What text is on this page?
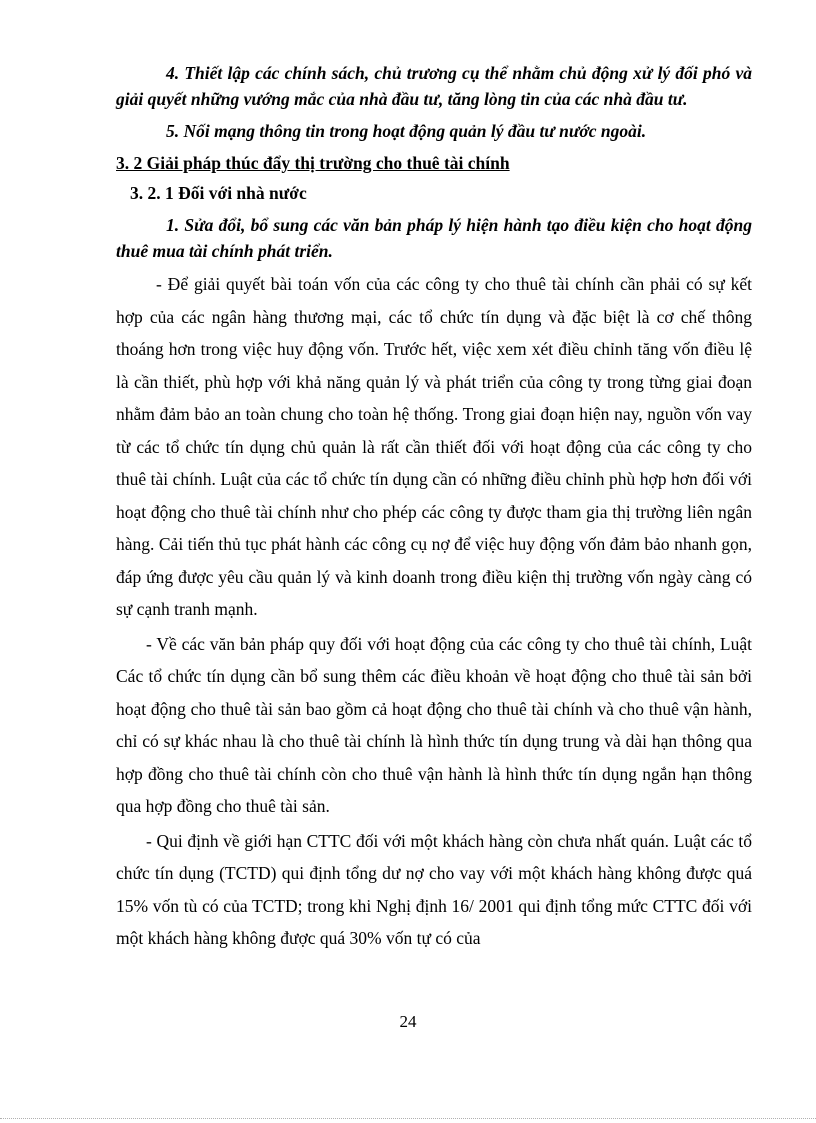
4. Thiết lập các chính sách, chủ trương cụ thể nhằm chủ động xử lý đối phó và giải quyết những vướng mắc của nhà đầu tư, tăng lòng tin của các nhà đầu tư.
5. Nối mạng thông tin trong hoạt động quản lý đầu tư nước ngoài.
3. 2 Giải pháp thúc đẩy thị trường cho thuê tài chính
3. 2. 1 Đối với nhà nước
1. Sửa đổi, bổ sung các văn bản pháp lý hiện hành tạo điều kiện cho hoạt động thuê mua tài chính phát triển.
- Để giải quyết bài toán vốn của các công ty cho thuê tài chính cần phải có sự kết hợp của các ngân hàng thương mại, các tổ chức tín dụng và đặc biệt là cơ chế thông thoáng hơn trong việc huy động vốn. Trước hết, việc xem xét điều chỉnh tăng vốn điều lệ là cần thiết, phù hợp với khả năng quản lý và phát triển của công ty trong từng giai đoạn nhằm đảm bảo an toàn chung cho toàn hệ thống. Trong giai đoạn hiện nay, nguồn vốn vay từ các tổ chức tín dụng chủ quản là rất cần thiết đối với hoạt động của các công ty cho thuê tài chính. Luật của các tổ chức tín dụng cần có những điều chỉnh phù hợp hơn đối với hoạt động cho thuê tài chính như cho phép các công ty được tham gia thị trường liên ngân hàng. Cải tiến thủ tục phát hành các công cụ nợ để việc huy động vốn đảm bảo nhanh gọn, đáp ứng được yêu cầu quản lý và kinh doanh trong điều kiện thị trường vốn ngày càng có sự cạnh tranh mạnh.
- Về các văn bản pháp quy đối với hoạt động của các công ty cho thuê tài chính, Luật Các tổ chức tín dụng cần bổ sung thêm các điều khoản về hoạt động cho thuê tài sản bởi hoạt động cho thuê tài sản bao gồm cả hoạt động cho thuê tài chính và cho thuê vận hành, chỉ có sự khác nhau là cho thuê tài chính là hình thức tín dụng trung và dài hạn thông qua hợp đồng cho thuê tài chính còn cho thuê vận hành là hình thức tín dụng ngắn hạn thông qua hợp đồng cho thuê tài sản.
- Qui định về giới hạn CTTC đối với một khách hàng còn chưa nhất quán. Luật các tổ chức tín dụng (TCTD) qui định tổng dư nợ cho vay với một khách hàng không được quá 15% vốn tù có của TCTD; trong khi Nghị định 16/ 2001 qui định tổng mức CTTC đối với một khách hàng không được quá 30% vốn tự có của
24
